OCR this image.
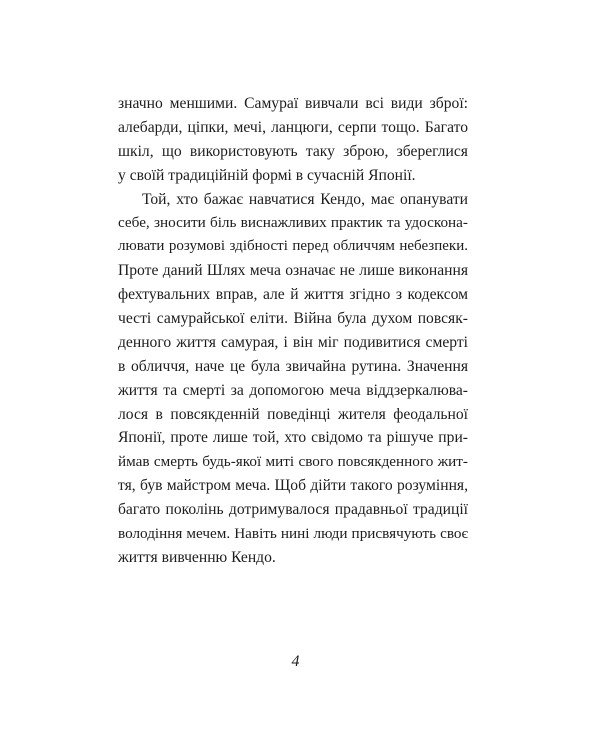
значно меншими. Самураї вивчали всі види зброї:
алебарди, ціпки, мечі, ланцюги, серпи тощо. Багато
шкіл, що використовують таку зброю, збереглися
у своїй традиційній формі в сучасній Японії.
Той, хто бажає навчатися Кендо, має опанувати
себе, зносити біль виснажливих практик та удоскона-
лювати розумові здібності перед обличчям небезпеки.
Проте даний Шлях меча означає не лише виконання
фехтувальних вправ, але й життя згідно з кодексом
честі самурайської еліти. Війна була духом повсяк-
денного життя самурая, і він міг подивитися смерті
в обличчя, наче це була звичайна рутина. Значення
життя та смерті за допомогою меча віддзеркалюва-
лося в повсякденній поведінці жителя феодальної
Японії, проте лише той, хто свідомо та рішуче при-
ймав смерть будь-якої миті свого повсякденного жит-
тя, був майстром меча. Щоб дійти такого розуміння,
багато поколінь дотримувалося прадавньої традиції
володіння мечем. Навіть нині люди присвячують своє
життя вивченню Кендо.
4
